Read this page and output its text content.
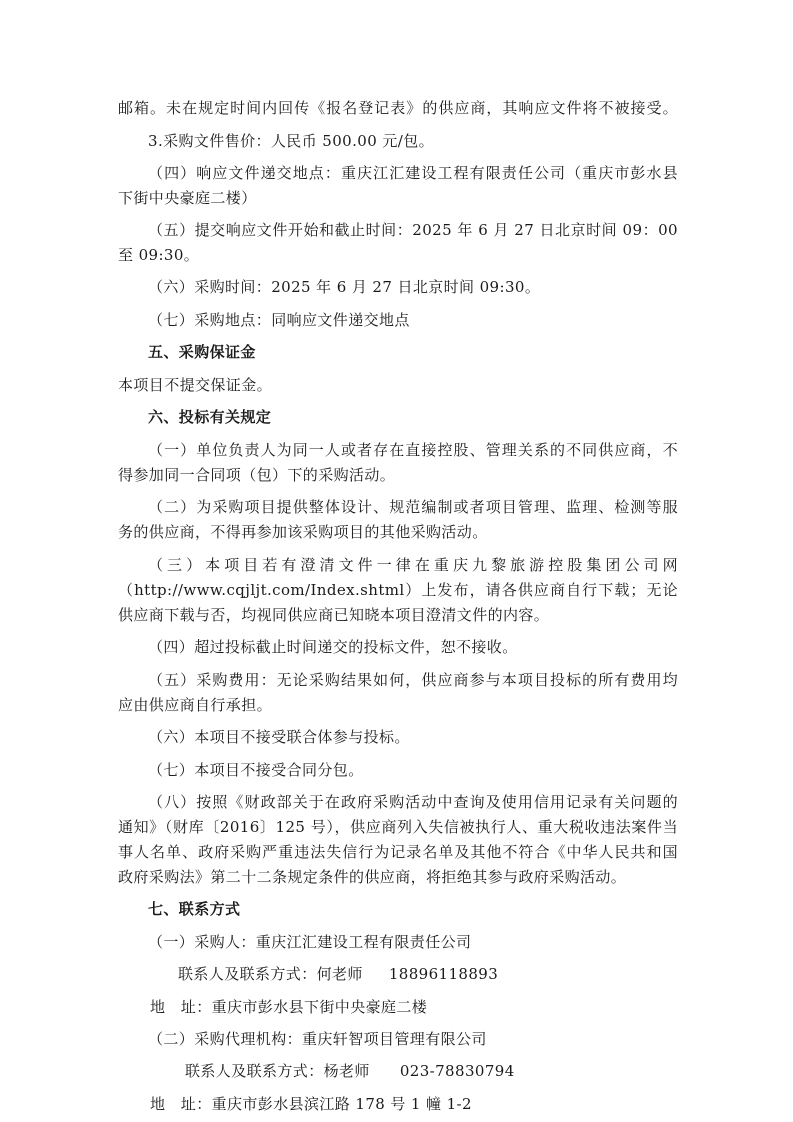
邮箱。未在规定时间内回传《报名登记表》的供应商，其响应文件将不被接受。
3.采购文件售价：人民币 500.00 元/包。
（四）响应文件递交地点：重庆江汇建设工程有限责任公司（重庆市彭水县
下街中央豪庭二楼）
（五）提交响应文件开始和截止时间：2025 年 6 月 27 日北京时间 09：00
至 09:30。
（六）采购时间：2025 年 6 月 27 日北京时间 09:30。
（七）采购地点：同响应文件递交地点
五、采购保证金
本项目不提交保证金。
六、投标有关规定
（一）单位负责人为同一人或者存在直接控股、管理关系的不同供应商，不
得参加同一合同项（包）下的采购活动。
（二）为采购项目提供整体设计、规范编制或者项目管理、监理、检测等服
务的供应商，不得再参加该采购项目的其他采购活动。
（三）本项目若有澄清文件一律在重庆九黎旅游控股集团公司网
（http://www.cqjljt.com/Index.shtml）上发布，请各供应商自行下载；无论
供应商下载与否，均视同供应商已知晓本项目澄清文件的内容。
（四）超过投标截止时间递交的投标文件，恕不接收。
（五）采购费用：无论采购结果如何，供应商参与本项目投标的所有费用均
应由供应商自行承担。
（六）本项目不接受联合体参与投标。
（七）本项目不接受合同分包。
（八）按照《财政部关于在政府采购活动中查询及使用信用记录有关问题的
通知》（财库〔2016〕125 号），供应商列入失信被执行人、重大税收违法案件当
事人名单、政府采购严重违法失信行为记录名单及其他不符合《中华人民共和国
政府采购法》第二十二条规定条件的供应商，将拒绝其参与政府采购活动。
七、联系方式
（一）采购人：重庆江汇建设工程有限责任公司
联系人及联系方式：何老师 18896118893
地　址：重庆市彭水县下街中央豪庭二楼
（二）采购代理机构：重庆轩智项目管理有限公司
联系人及联系方式：杨老师 023-78830794
地　址：重庆市彭水县滨江路 178 号 1 幢 1-2
